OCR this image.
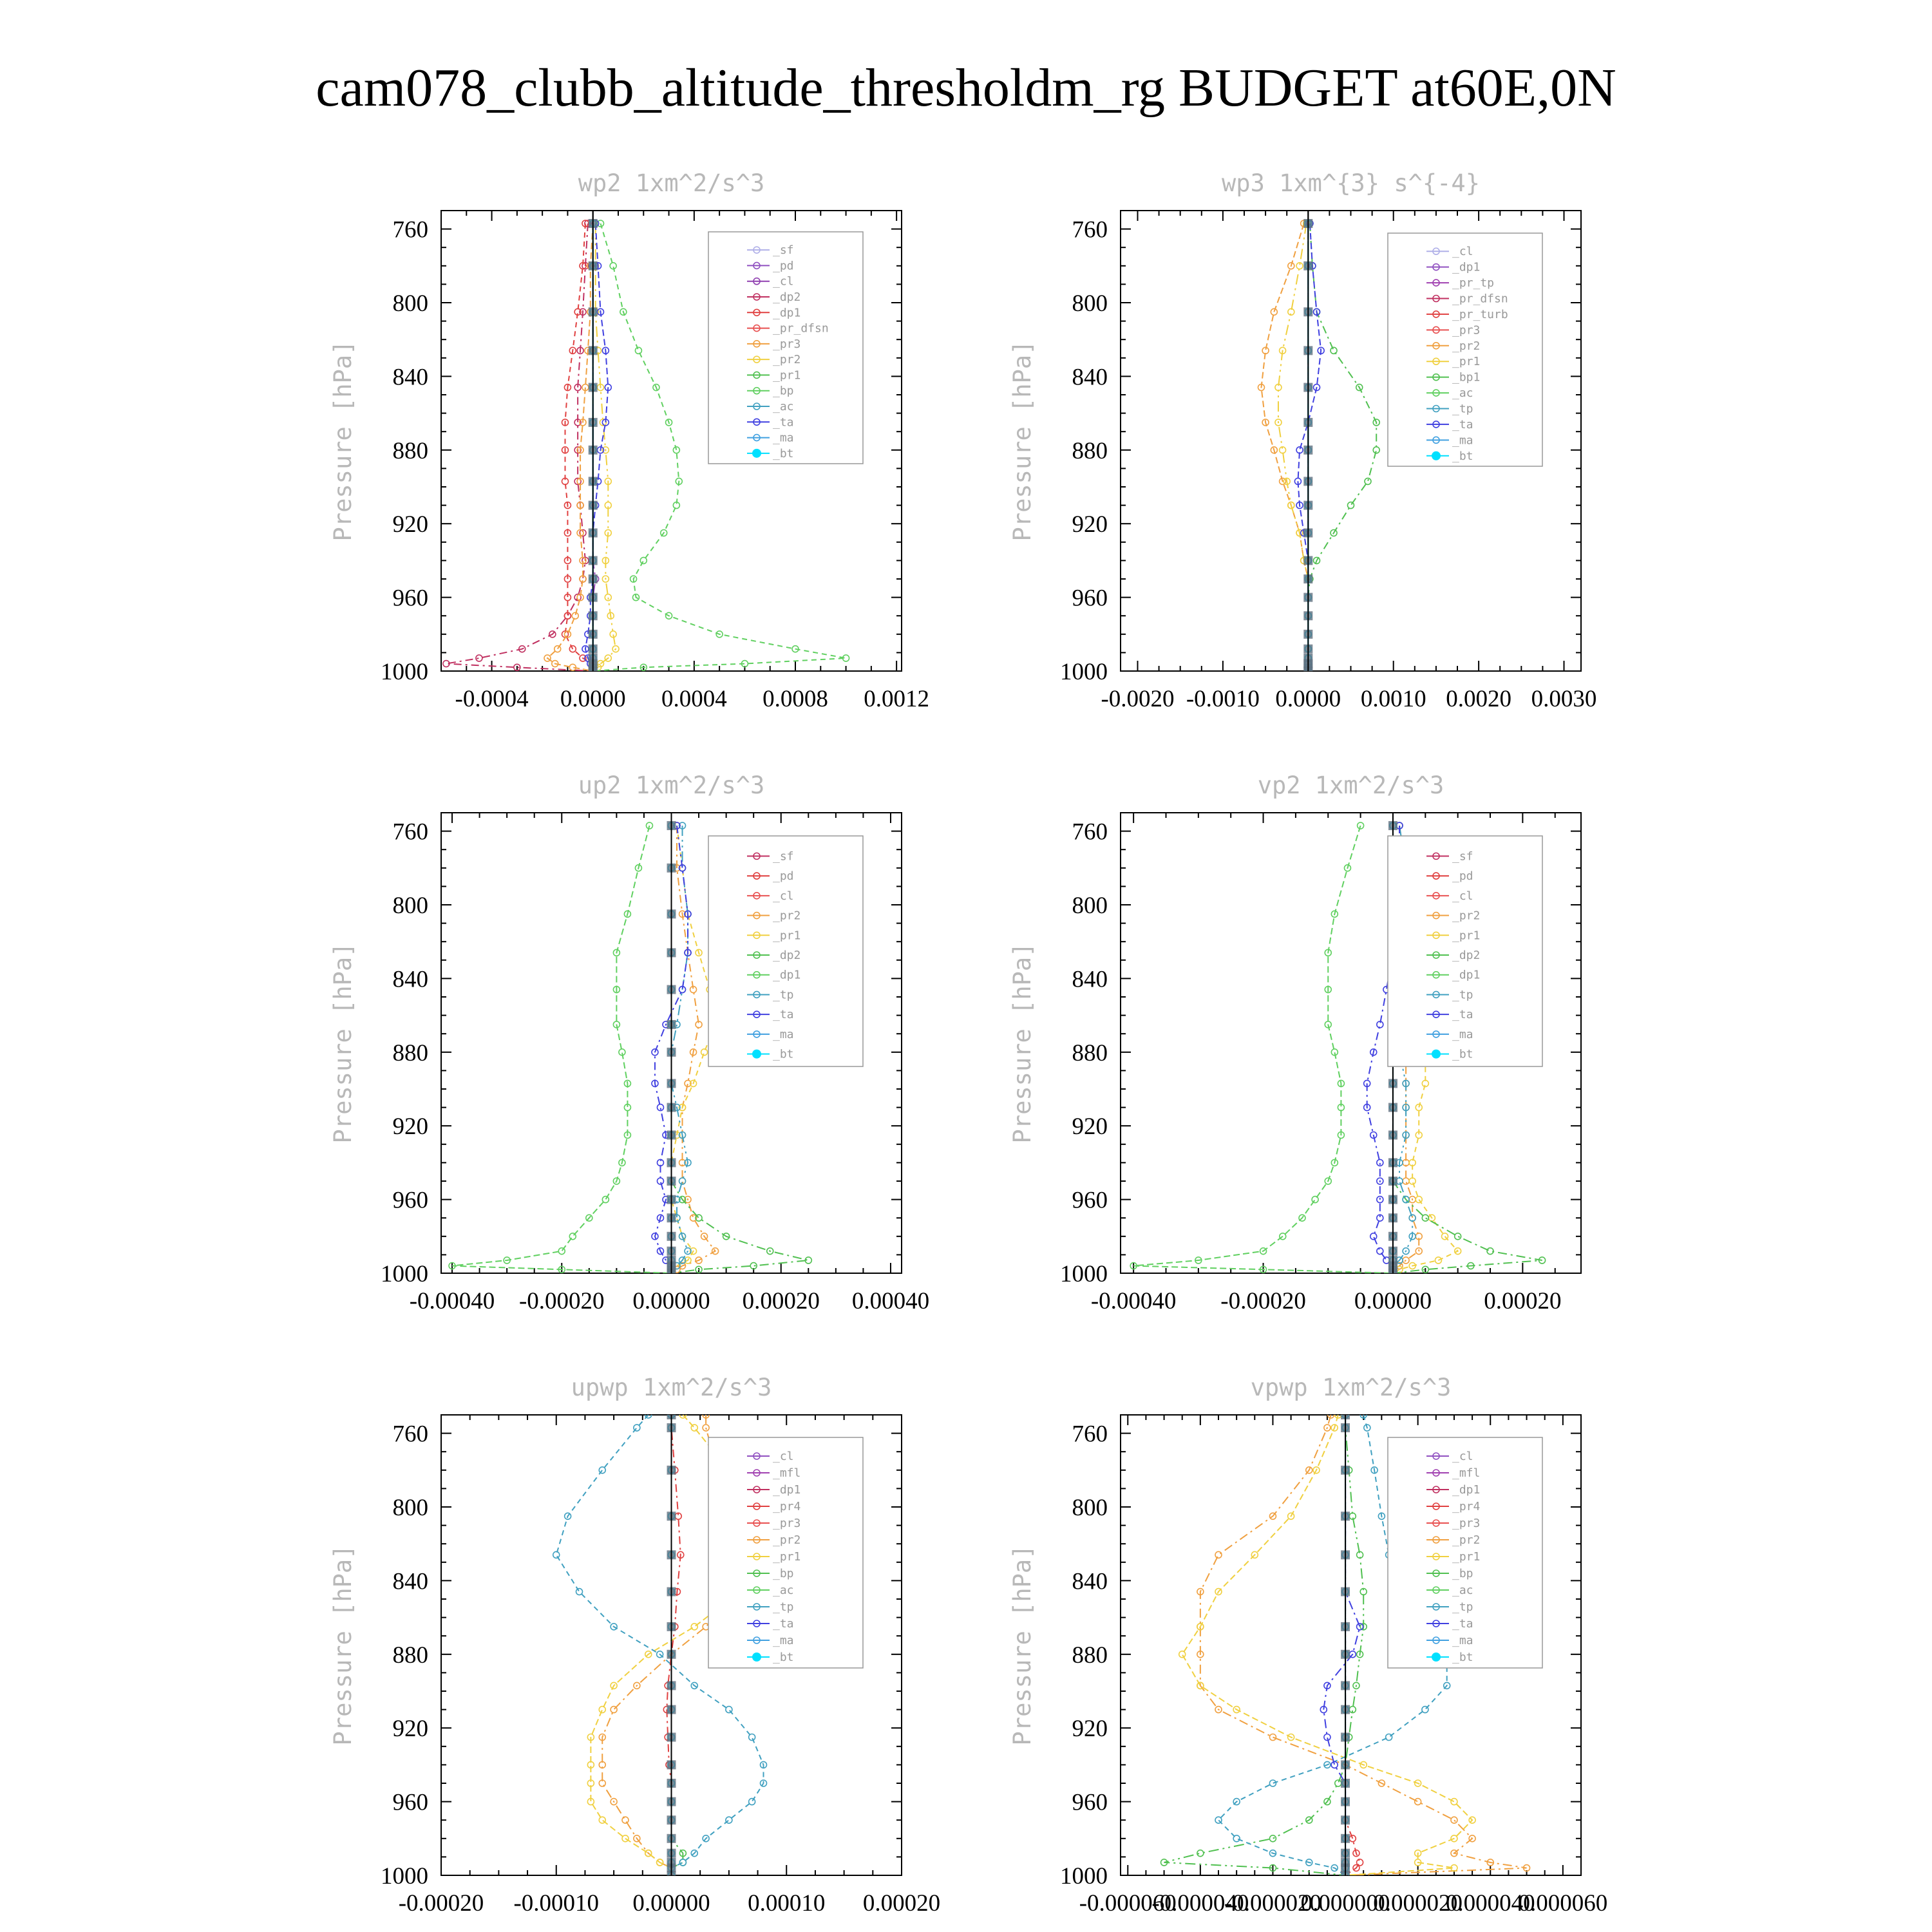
cam078_clubb_altitude_thresholdm_rg BUDGET at60E,0N
760
800
840
880
920
960
1000
-0.0004 0.0000 0.0004 0.0008 0.0012
wp2 1xm^2/s^3
Pressure [hPa]
_sf
_pd
_cl
_dp2
_dp1
_pr_dfsn
_pr3
_pr2
_pr1
_bp
_ac
_ta
_ma
_bt
760
800
840
880
920
960
1000
-0.0020 -0.0010 0.0000 0.0010 0.0020 0.0030
wp3 1xm^{3} s^{-4}
Pressure [hPa]
_cl
_dp1
_pr_tp
_pr_dfsn
_pr_turb
_pr3
_pr2
_pr1
_bp1
_ac
_tp
_ta
_ma
_bt
760
800
840
880
920
960
1000
-0.00040 -0.00020 0.00000 0.00020 0.00040
up2 1xm^2/s^3
Pressure [hPa]
_sf
_pd
_cl
_pr2
_pr1
_dp2
_dp1
_tp
_ta
_ma
_bt
760
800
840
880
920
960
1000
-0.00040 -0.00020 0.00000 0.00020
vp2 1xm^2/s^3
Pressure [hPa]
_sf
_pd
_cl
_pr2
_pr1
_dp2
_dp1
_tp
_ta
_ma
_bt
760
800
840
880
920
960
1000
-0.00020 -0.00010 0.00000 0.00010 0.00020
upwp 1xm^2/s^3
Pressure [hPa]
_cl
_mfl
_dp1
_pr4
_pr3
_pr2
_pr1
_bp
_ac
_tp
_ta
_ma
_bt
760
800
840
880
920
960
1000
-0.000060
-0.000040
-0.000020
0.000000
0.000020
0.000040
0.000060
vpwp 1xm^2/s^3
Pressure [hPa]
_cl
_mfl
_dp1
_pr4
_pr3
_pr2
_pr1
_bp
_ac
_tp
_ta
_ma
_bt
